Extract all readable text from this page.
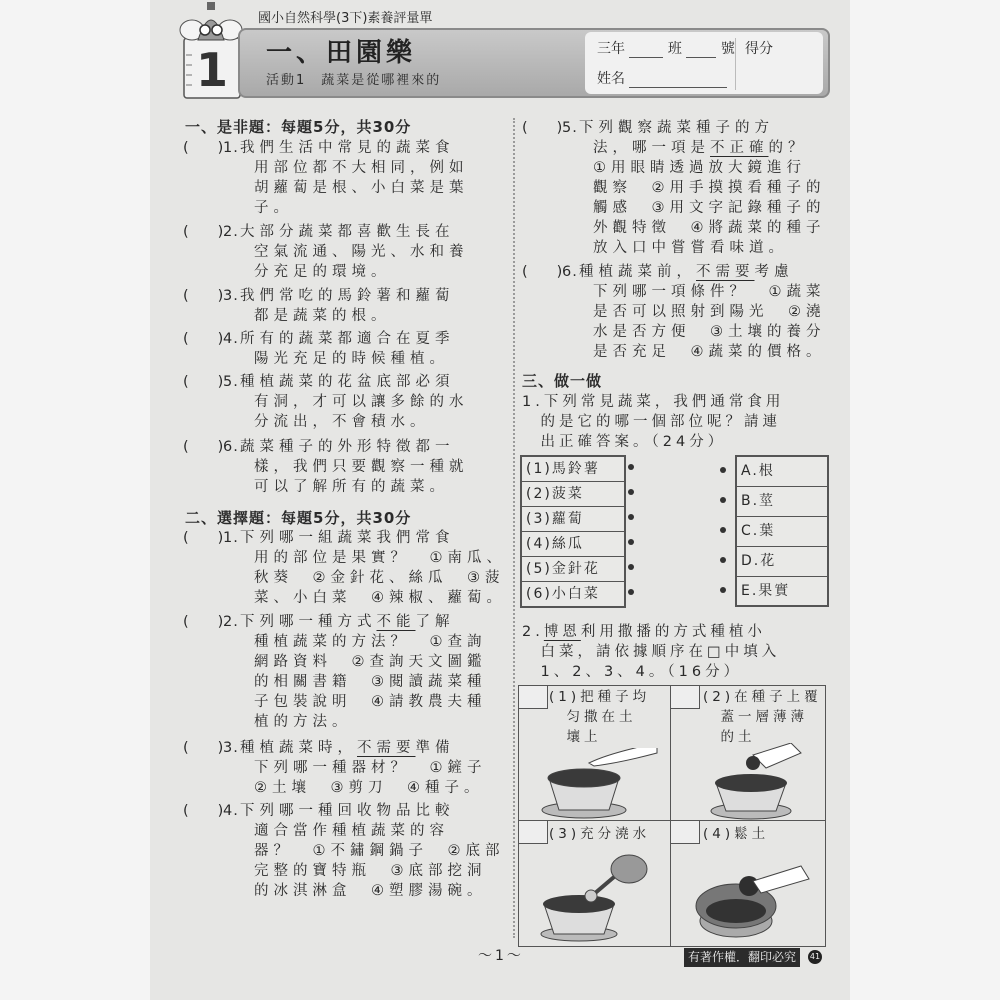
1
國小自然科學(3下)素養評量單
一、田園樂
活動1　蔬菜是從哪裡來的
三年	班	號
姓名
得分
一、是非題：每題5分，共30分
(　　) 1. 我們生活中常見的蔬菜食
用部位都不大相同，例如
胡蘿蔔是根、小白菜是葉
子。
(　　) 2. 大部分蔬菜都喜歡生長在
空氣流通、陽光、水和養
分充足的環境。
(　　) 3. 我們常吃的馬鈴薯和蘿蔔
都是蔬菜的根。
(　　) 4. 所有的蔬菜都適合在夏季
陽光充足的時候種植。
(　　) 5. 種植蔬菜的花盆底部必須
有洞，才可以讓多餘的水
分流出，不會積水。
(　　) 6. 蔬菜種子的外形特徵都一
樣，我們只要觀察一種就
可以了解所有的蔬菜。
二、選擇題：每題5分，共30分
(　　) 1. 下列哪一組蔬菜我們常食
用的部位是果實？　①南瓜、
秋葵　②金針花、絲瓜　③菠
菜、小白菜　④辣椒、蘿蔔。
(　　) 2. 下列哪一種方式不能了解
種植蔬菜的方法？　①查詢
網路資料　②查詢天文圖鑑
的相關書籍　③閱讀蔬菜種
子包裝說明　④請教農夫種
植的方法。
(　　) 3. 種植蔬菜時，不需要準備
下列哪一種器材？　①鏟子
②土壤　③剪刀　④種子。
(　　) 4. 下列哪一種回收物品比較
適合當作種植蔬菜的容
器？　①不鏽鋼鍋子　②底部
完整的寶特瓶　③底部挖洞
的冰淇淋盒　④塑膠湯碗。
(　　) 5. 下列觀察蔬菜種子的方
法，哪一項是不正確的？
①用眼睛透過放大鏡進行
觀察　②用手摸摸看種子的
觸感　③用文字記錄種子的
外觀特徵　④將蔬菜的種子
放入口中嘗嘗看味道。
(　　) 6. 種植蔬菜前，不需要考慮
下列哪一項條件？　①蔬菜
是否可以照射到陽光　②澆
水是否方便　③土壤的養分
是否充足　④蔬菜的價格。
三、做一做
1.下列常見蔬菜，我們通常食用
　的是它的哪一個部位呢？請連
　出正確答案。（24分）
(1)馬鈴薯
(2)菠菜
(3)蘿蔔
(4)絲瓜
(5)金針花
(6)小白菜
A.根
B.莖
C.葉
D.花
E.果實
2.博恩利用撒播的方式種植小
　白菜，請依據順序在□中填入
　1、2、3、4。（16分）
(1)把種子均
　匀撒在土
　壤上
(2)在種子上覆
　蓋一層薄薄
　的土
(3)充分澆水	(4)鬆土
～1～	有著作權．翻印必究	41
